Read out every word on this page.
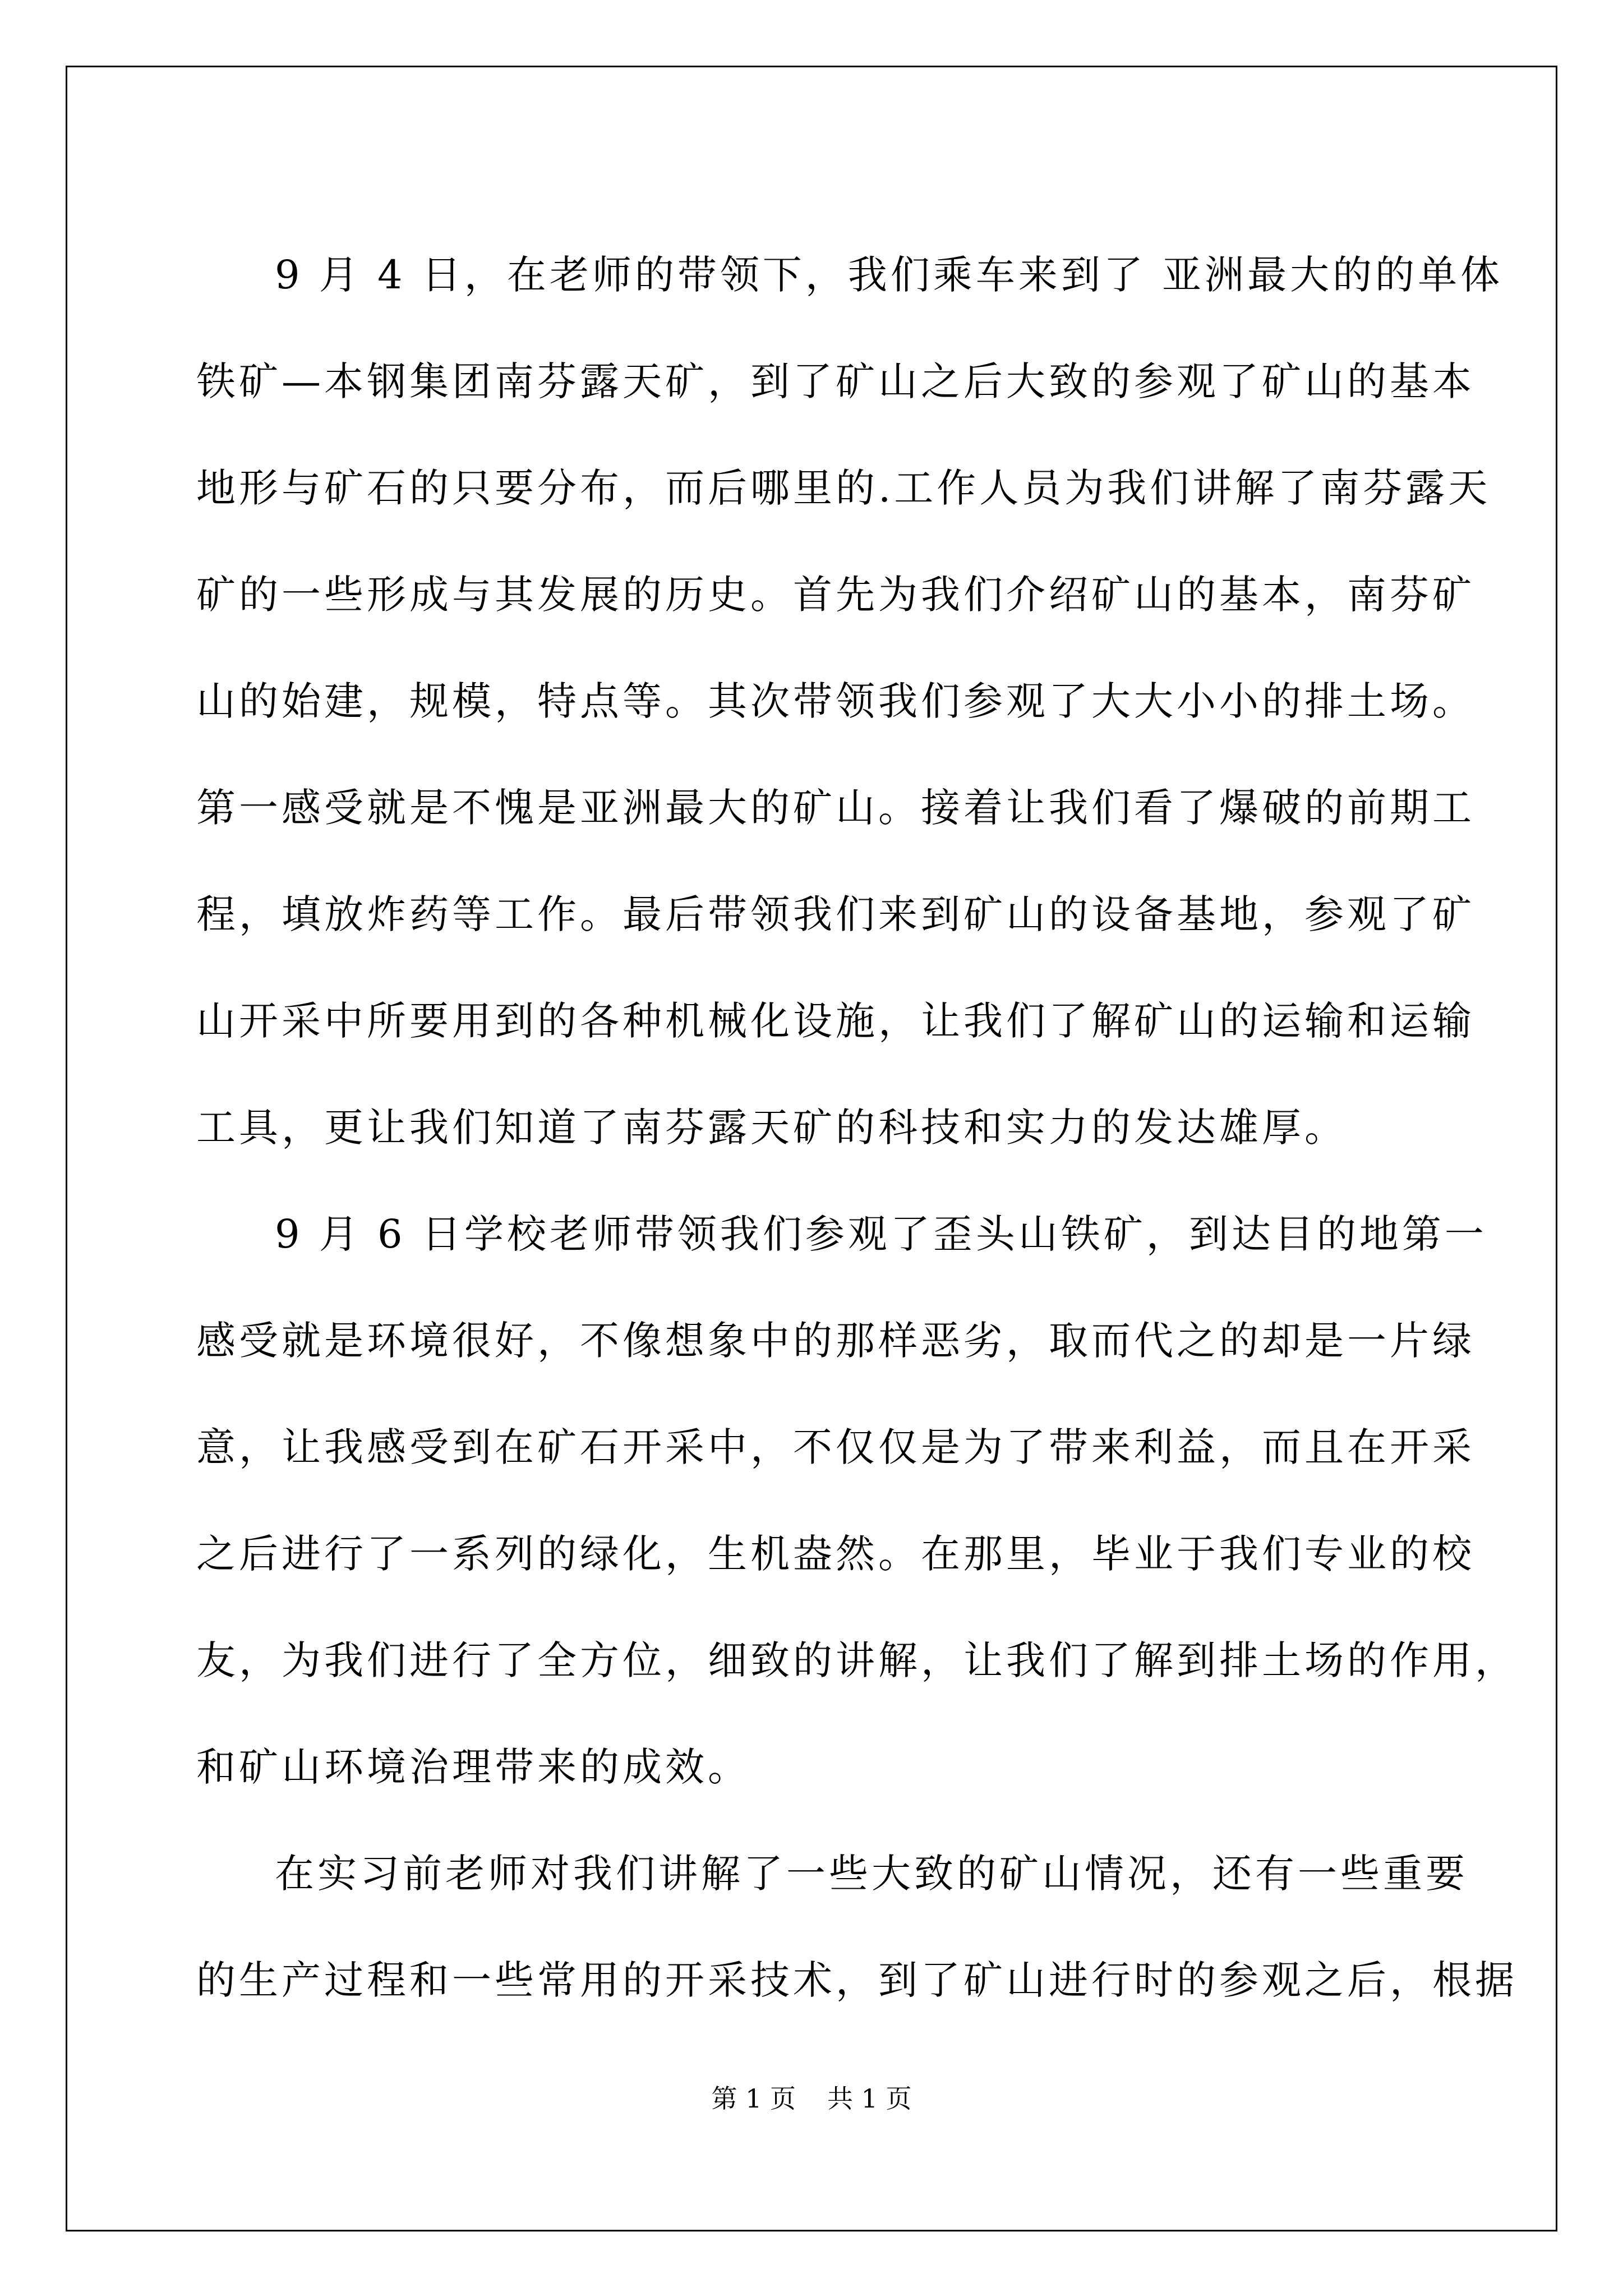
9 月 4 日，在老师的带领下，我们乘车来到了 亚洲最大的的单体
铁矿—本钢集团南芬露天矿，到了矿山之后大致的参观了矿山的基本
地形与矿石的只要分布，而后哪里的.工作人员为我们讲解了南芬露天
矿的一些形成与其发展的历史。首先为我们介绍矿山的基本，南芬矿
山的始建，规模，特点等。其次带领我们参观了大大小小的排土场。
第一感受就是不愧是亚洲最大的矿山。接着让我们看了爆破的前期工
程，填放炸药等工作。最后带领我们来到矿山的设备基地，参观了矿
山开采中所要用到的各种机械化设施，让我们了解矿山的运输和运输
工具，更让我们知道了南芬露天矿的科技和实力的发达雄厚。
9 月 6 日学校老师带领我们参观了歪头山铁矿，到达目的地第一
感受就是环境很好，不像想象中的那样恶劣，取而代之的却是一片绿
意，让我感受到在矿石开采中，不仅仅是为了带来利益，而且在开采
之后进行了一系列的绿化，生机盎然。在那里，毕业于我们专业的校
友，为我们进行了全方位，细致的讲解，让我们了解到排土场的作用，
和矿山环境治理带来的成效。
在实习前老师对我们讲解了一些大致的矿山情况，还有一些重要
的生产过程和一些常用的开采技术，到了矿山进行时的参观之后，根据
第 1 页 共 1 页
